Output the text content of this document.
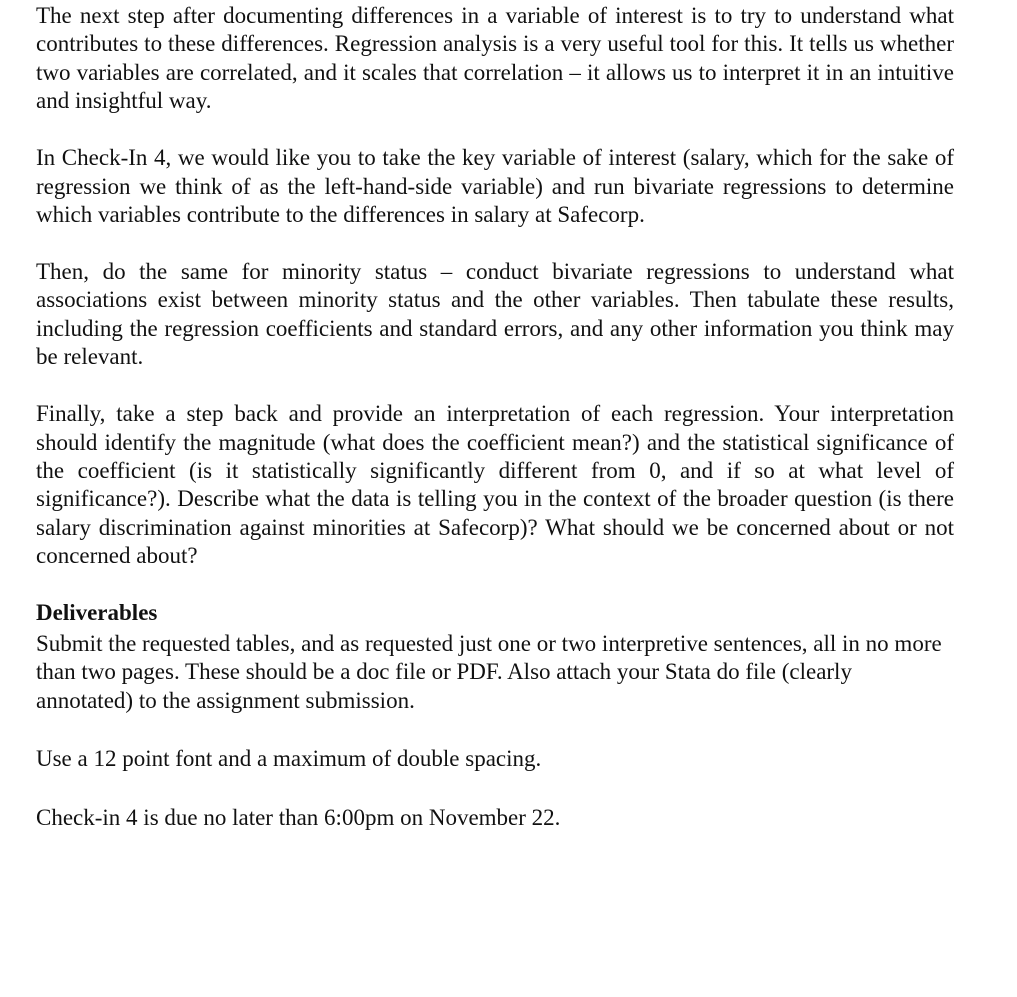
The next step after documenting differences in a variable of interest is to try to understand what contributes to these differences. Regression analysis is a very useful tool for this. It tells us whether two variables are correlated, and it scales that correlation – it allows us to interpret it in an intuitive and insightful way.

In Check-In 4, we would like you to take the key variable of interest (salary, which for the sake of regression we think of as the left-hand-side variable) and run bivariate regressions to determine which variables contribute to the differences in salary at Safecorp.

Then, do the same for minority status – conduct bivariate regressions to understand what associations exist between minority status and the other variables. Then tabulate these results, including the regression coefficients and standard errors, and any other information you think may be relevant.

Finally, take a step back and provide an interpretation of each regression. Your interpretation should identify the magnitude (what does the coefficient mean?) and the statistical significance of the coefficient (is it statistically significantly different from 0, and if so at what level of significance?). Describe what the data is telling you in the context of the broader question (is there salary discrimination against minorities at Safecorp)? What should we be concerned about or not concerned about?

Deliverables

Submit the requested tables, and as requested just one or two interpretive sentences, all in no more than two pages. These should be a doc file or PDF. Also attach your Stata do file (clearly annotated) to the assignment submission.

Use a 12 point font and a maximum of double spacing.

Check-in 4 is due no later than 6:00pm on November 22.
